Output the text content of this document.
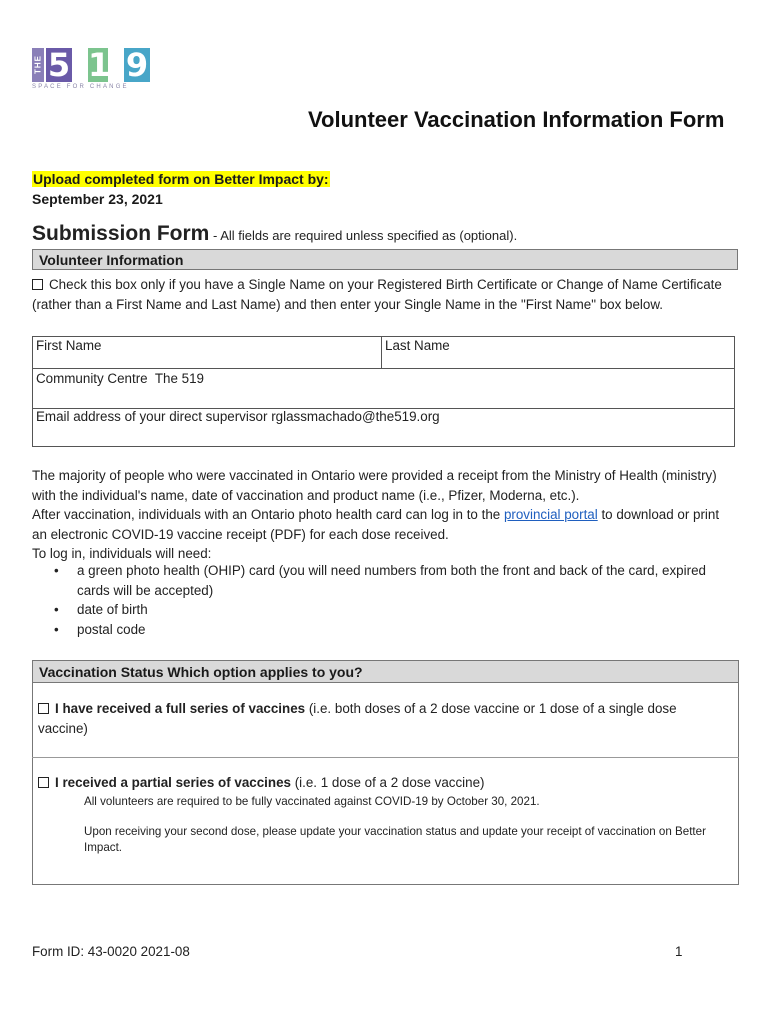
THE 5 1 9
SPACE FOR CHANGE
Volunteer Vaccination Information Form
Upload completed form on Better Impact by:
September 23, 2021
Submission Form - All fields are required unless specified as (optional).
Volunteer Information
Check this box only if you have a Single Name on your Registered Birth Certificate or Change of Name Certificate (rather than a First Name and Last Name) and then enter your Single Name in the "First Name" box below.
First Name	Last Name
Community Centre The 519
Email address of your direct supervisor rglassmachado@the519.org
The majority of people who were vaccinated in Ontario were provided a receipt from the Ministry of Health (ministry) with the individual's name, date of vaccination and product name (i.e., Pfizer, Moderna, etc.).
After vaccination, individuals with an Ontario photo health card can log in to the provincial portal to download or print an electronic COVID-19 vaccine receipt (PDF) for each dose received.
To log in, individuals will need:
• a green photo health (OHIP) card (you will need numbers from both the front and back of the card, expired cards will be accepted)
• date of birth
• postal code
Vaccination Status Which option applies to you?
I have received a full series of vaccines (i.e. both doses of a 2 dose vaccine or 1 dose of a single dose vaccine)
I received a partial series of vaccines (i.e. 1 dose of a 2 dose vaccine)
All volunteers are required to be fully vaccinated against COVID-19 by October 30, 2021.
Upon receiving your second dose, please update your vaccination status and update your receipt of vaccination on Better Impact.
Form ID: 43-0020 2021-08	1
